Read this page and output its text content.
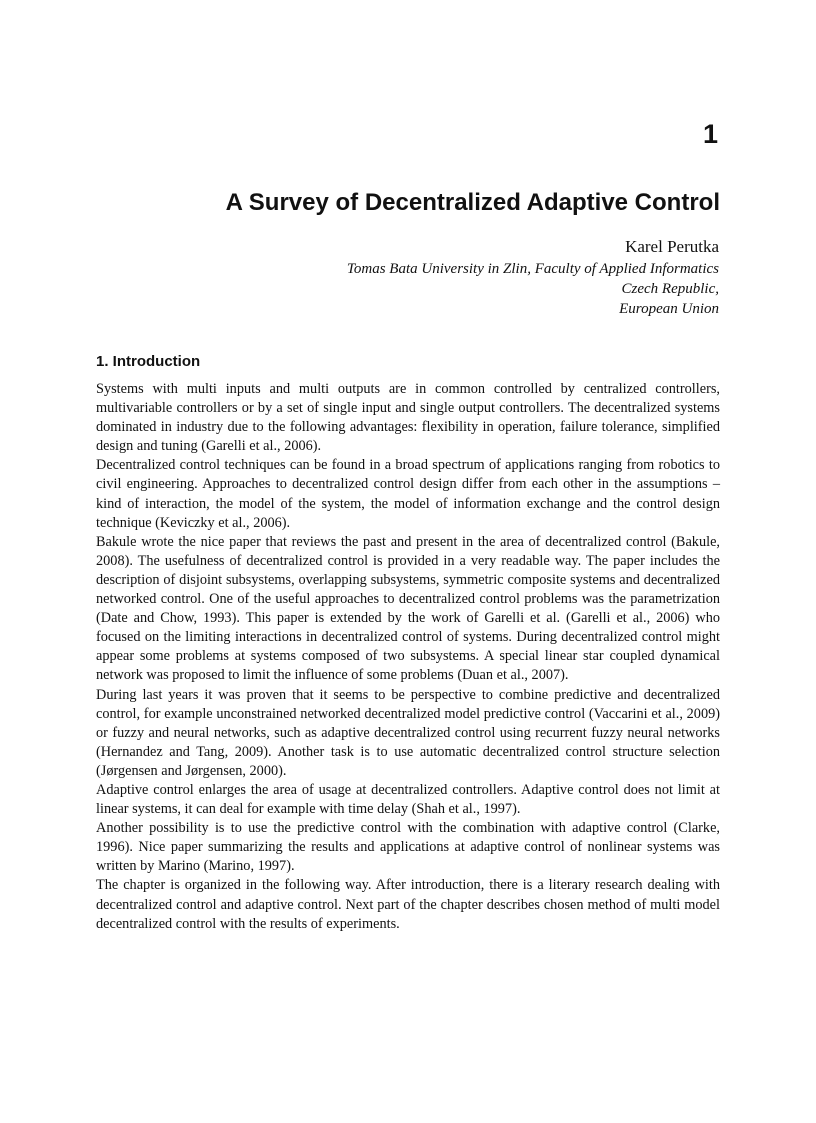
1
A Survey of Decentralized Adaptive Control
Karel Perutka
Tomas Bata University in Zlin, Faculty of Applied Informatics
Czech Republic,
European Union
1. Introduction

Systems with multi inputs and multi outputs are in common controlled by centralized controllers, multivariable controllers or by a set of single input and single output controllers. The decentralized systems dominated in industry due to the following advantages: flexibility in operation, failure tolerance, simplified design and tuning (Garelli et al., 2006).

Decentralized control techniques can be found in a broad spectrum of applications ranging from robotics to civil engineering. Approaches to decentralized control design differ from each other in the assumptions – kind of interaction, the model of the system, the model of information exchange and the control design technique (Keviczky et al., 2006).

Bakule wrote the nice paper that reviews the past and present in the area of decentralized control (Bakule, 2008). The usefulness of decentralized control is provided in a very readable way. The paper includes the description of disjoint subsystems, overlapping subsystems, symmetric composite systems and decentralized networked control. One of the useful approaches to decentralized control problems was the parametrization (Date and Chow, 1993). This paper is extended by the work of Garelli et al. (Garelli et al., 2006) who focused on the limiting interactions in decentralized control of systems. During decentralized control might appear some problems at systems composed of two subsystems. A special linear star coupled dynamical network was proposed to limit the influence of some problems (Duan et al., 2007).

During last years it was proven that it seems to be perspective to combine predictive and decentralized control, for example unconstrained networked decentralized model predictive control (Vaccarini et al., 2009) or fuzzy and neural networks, such as adaptive decentralized control using recurrent fuzzy neural networks (Hernandez and Tang, 2009). Another task is to use automatic decentralized control structure selection (Jørgensen and Jørgensen, 2000).

Adaptive control enlarges the area of usage at decentralized controllers. Adaptive control does not limit at linear systems, it can deal for example with time delay (Shah et al., 1997).

Another possibility is to use the predictive control with the combination with adaptive control (Clarke, 1996). Nice paper summarizing the results and applications at adaptive control of nonlinear systems was written by Marino (Marino, 1997).

The chapter is organized in the following way. After introduction, there is a literary research dealing with decentralized control and adaptive control. Next part of the chapter describes chosen method of multi model decentralized control with the results of experiments.
